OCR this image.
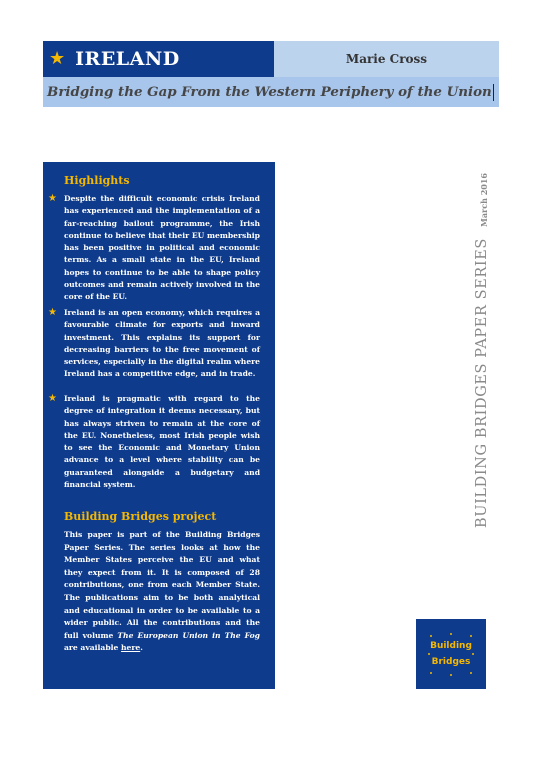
★ IRELAND	Marie Cross
Bridging the Gap From the Western Periphery of the Union
Highlights
★ Despite the difficult economic crisis Ireland has experienced and the implementation of a far-reaching bailout programme, the Irish continue to believe that their EU membership has been positive in political and economic terms. As a small state in the EU, Ireland hopes to continue to be able to shape policy outcomes and remain actively involved in the core of the EU.
★ Ireland is an open economy, which requires a favourable climate for exports and inward investment. This explains its support for decreasing barriers to the free movement of services, especially in the digital realm where Ireland has a competitive edge, and in trade.
★ Ireland is pragmatic with regard to the degree of integration it deems necessary, but has always striven to remain at the core of the EU. Nonetheless, most Irish people wish to see the Economic and Monetary Union advance to a level where stability can be guaranteed alongside a budgetary and financial system.
Building Bridges project
This paper is part of the Building Bridges Paper Series. The series looks at how the Member States perceive the EU and what they expect from it. It is composed of 28 contributions, one from each Member State. The publications aim to be both analytical and educational in order to be available to a wider public. All the contributions and the full volume The European Union in The Fog are available here.
BUILDING BRIDGES PAPER SERIES
March 2016
Building
Bridges
